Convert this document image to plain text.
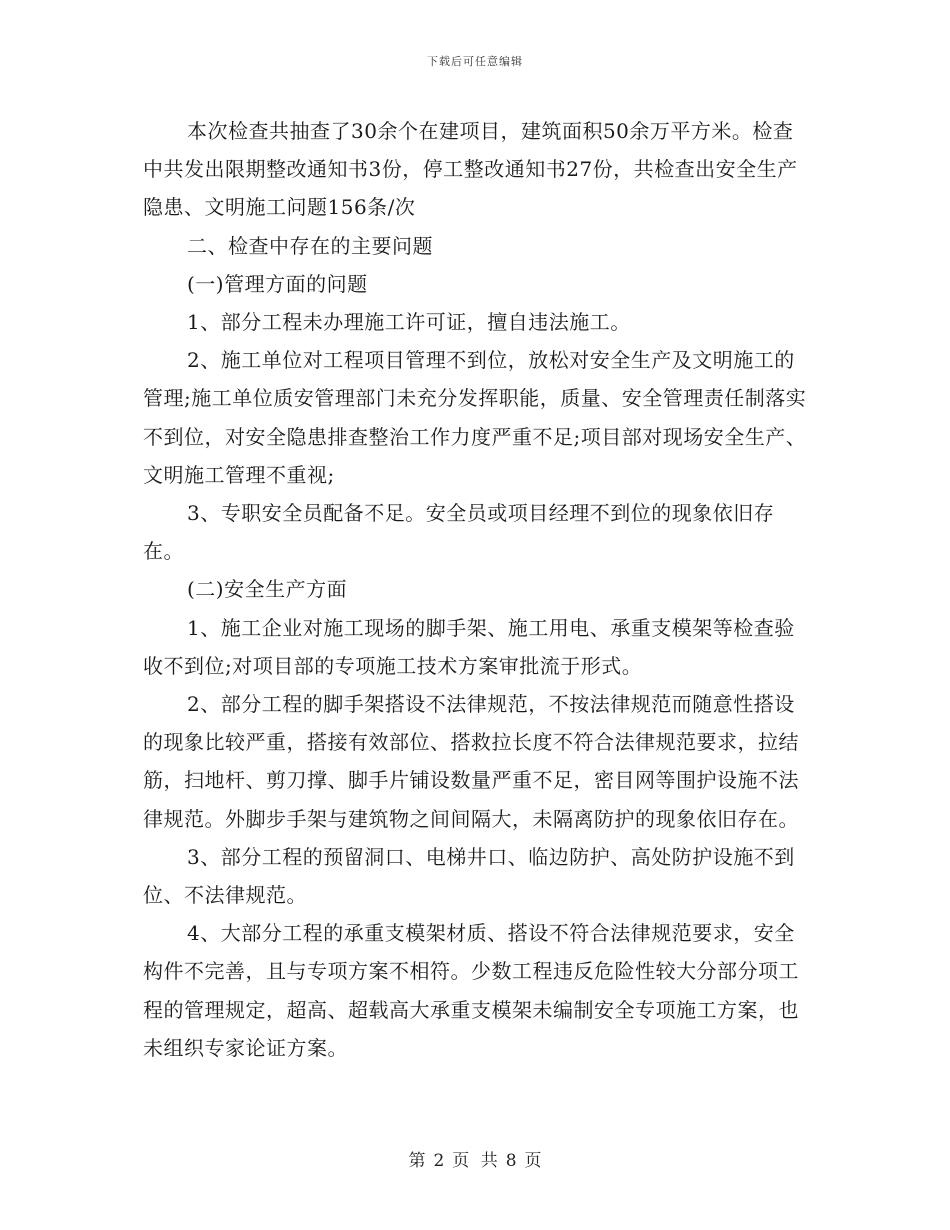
下载后可任意编辑

本次检查共抽查了30余个在建项目，建筑面积50余万平方米。检查中共发出限期整改通知书3份，停工整改通知书27份，共检查出安全生产隐患、文明施工问题156条/次

二、检查中存在的主要问题

(一)管理方面的问题

1、部分工程未办理施工许可证，擅自违法施工。

2、施工单位对工程项目管理不到位，放松对安全生产及文明施工的管理;施工单位质安管理部门未充分发挥职能，质量、安全管理责任制落实不到位，对安全隐患排查整治工作力度严重不足;项目部对现场安全生产、文明施工管理不重视;

3、专职安全员配备不足。安全员或项目经理不到位的现象依旧存在。

(二)安全生产方面

1、施工企业对施工现场的脚手架、施工用电、承重支模架等检查验收不到位;对项目部的专项施工技术方案审批流于形式。

2、部分工程的脚手架搭设不法律规范，不按法律规范而随意性搭设的现象比较严重，搭接有效部位、搭救拉长度不符合法律规范要求，拉结筋，扫地杆、剪刀撑、脚手片铺设数量严重不足，密目网等围护设施不法律规范。外脚步手架与建筑物之间间隔大，未隔离防护的现象依旧存在。

3、部分工程的预留洞口、电梯井口、临边防护、高处防护设施不到位、不法律规范。

4、大部分工程的承重支模架材质、搭设不符合法律规范要求，安全构件不完善，且与专项方案不相符。少数工程违反危险性较大分部分项工程的管理规定，超高、超载高大承重支模架未编制安全专项施工方案，也未组织专家论证方案。

第 2 页 共 8 页
